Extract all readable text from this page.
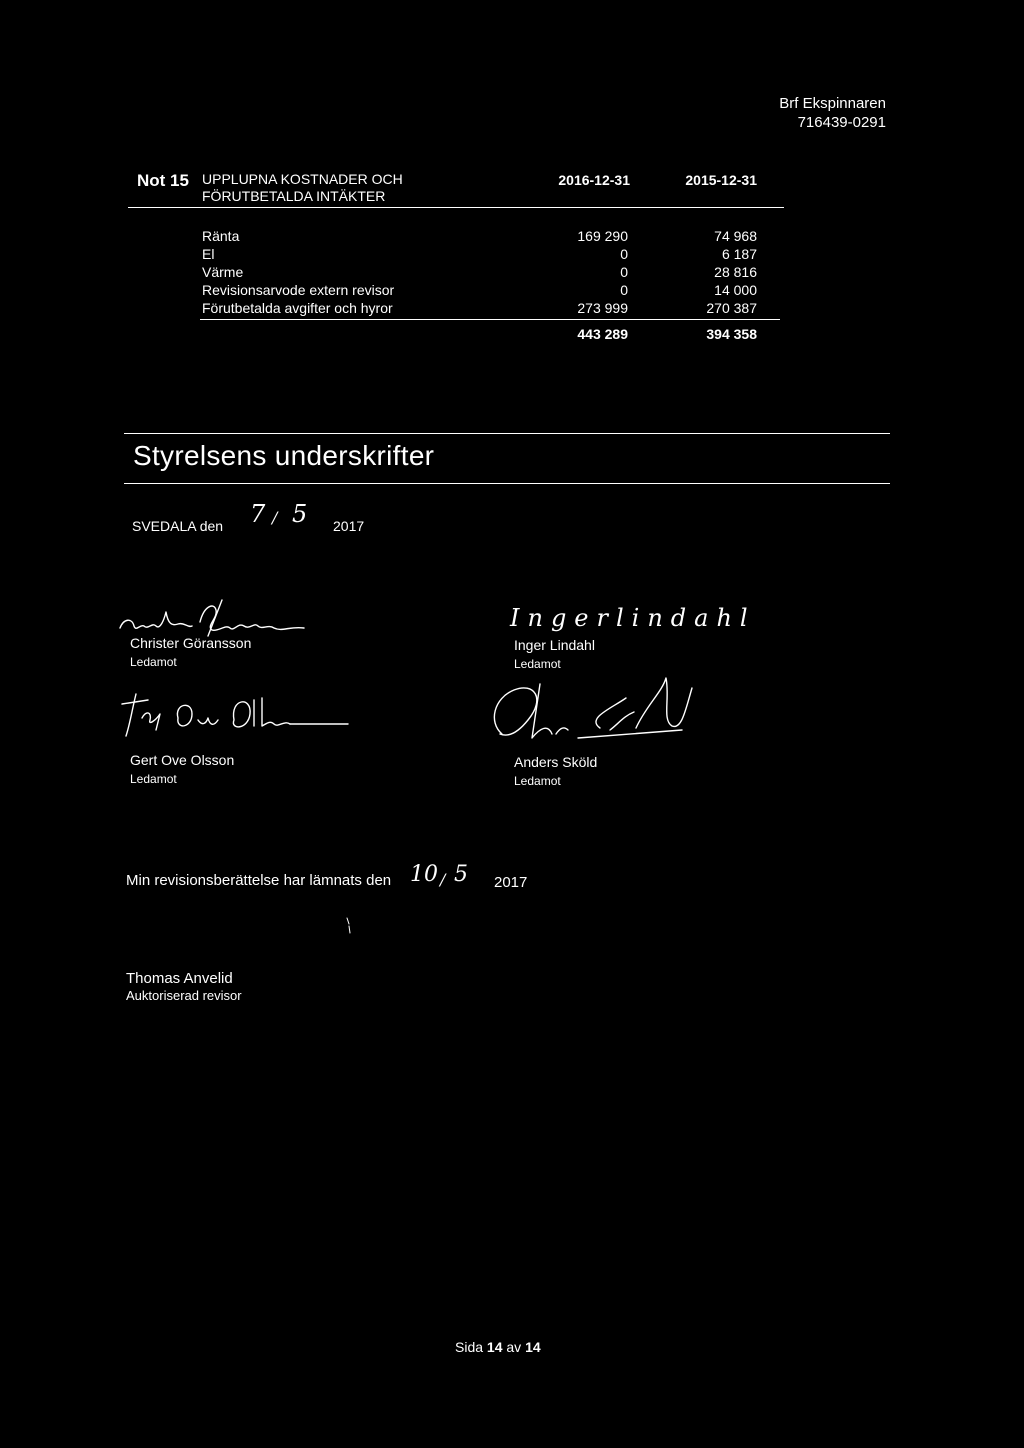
Brf Ekspinnaren
716439-0291
Not 15 UPPLUPNA KOSTNADER OCH
FÖRUTBETALDA INTÄKTER
2016-12-31	2015-12-31
Ränta	169 290	74 968
El	0	6 187
Värme	0	28 816
Revisionsarvode extern revisor	0	14 000
Förutbetalda avgifter och hyror	273 999	270 387
443 289	394 358
Styrelsens underskrifter
SVEDALA den 7 / 5 2017
Christer Göransson
Ledamot
Ingerlindahl
Inger Lindahl
Ledamot
Gert Ove Olsson
Ledamot
Anders Sköld
Ledamot
Min revisionsberättelse har lämnats den 10 / 5 2017
Thomas Anvelid
Auktoriserad revisor
Sida 14 av 14
